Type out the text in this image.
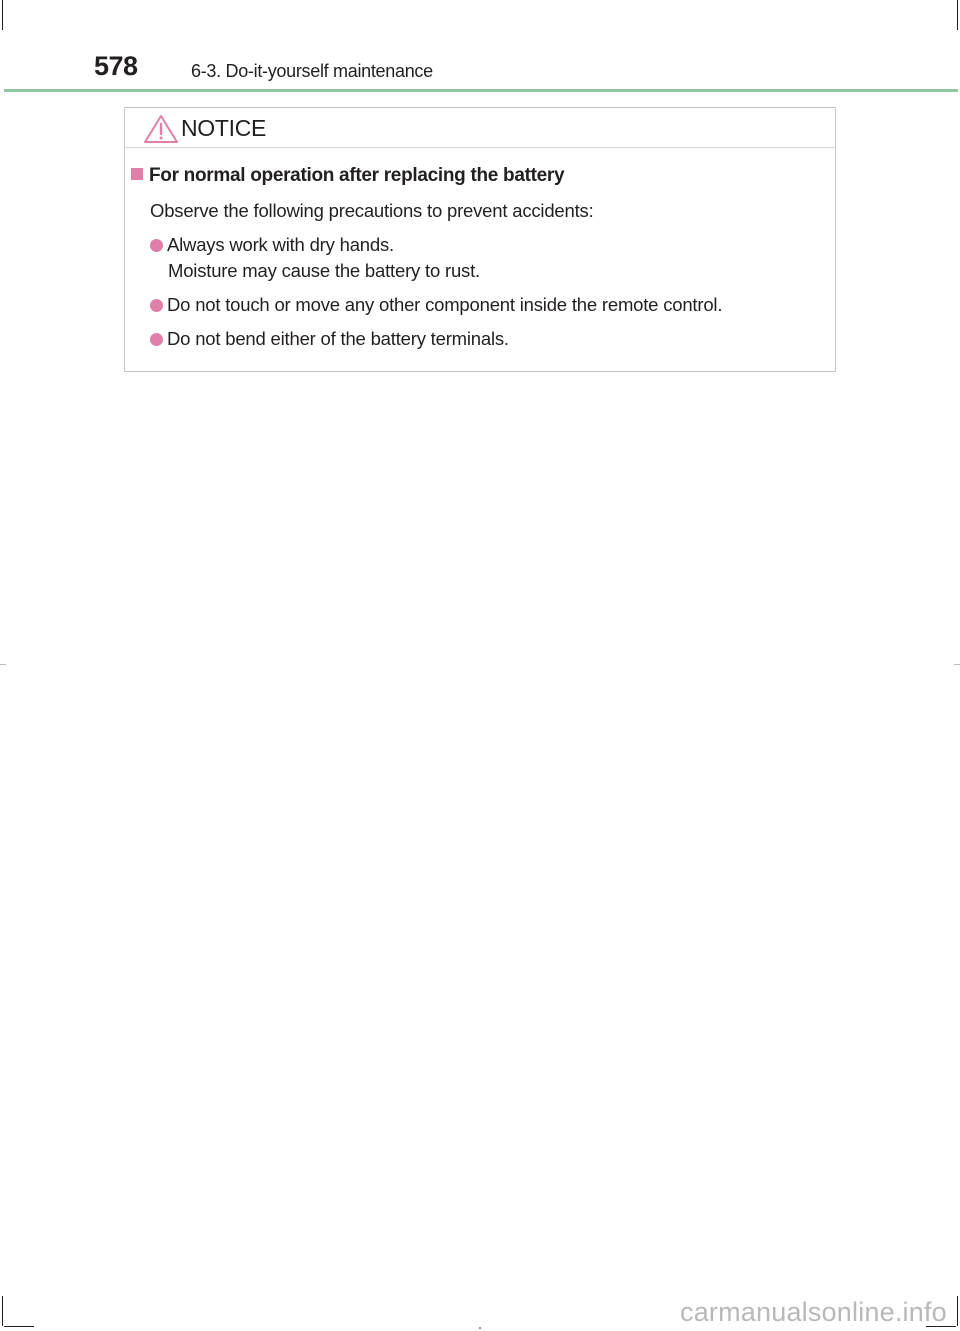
578	6-3. Do-it-yourself maintenance
NOTICE
For normal operation after replacing the battery
Observe the following precautions to prevent accidents:
Always work with dry hands.
Moisture may cause the battery to rust.
Do not touch or move any other component inside the remote control.
Do not bend either of the battery terminals.
carmanualsonline.info
